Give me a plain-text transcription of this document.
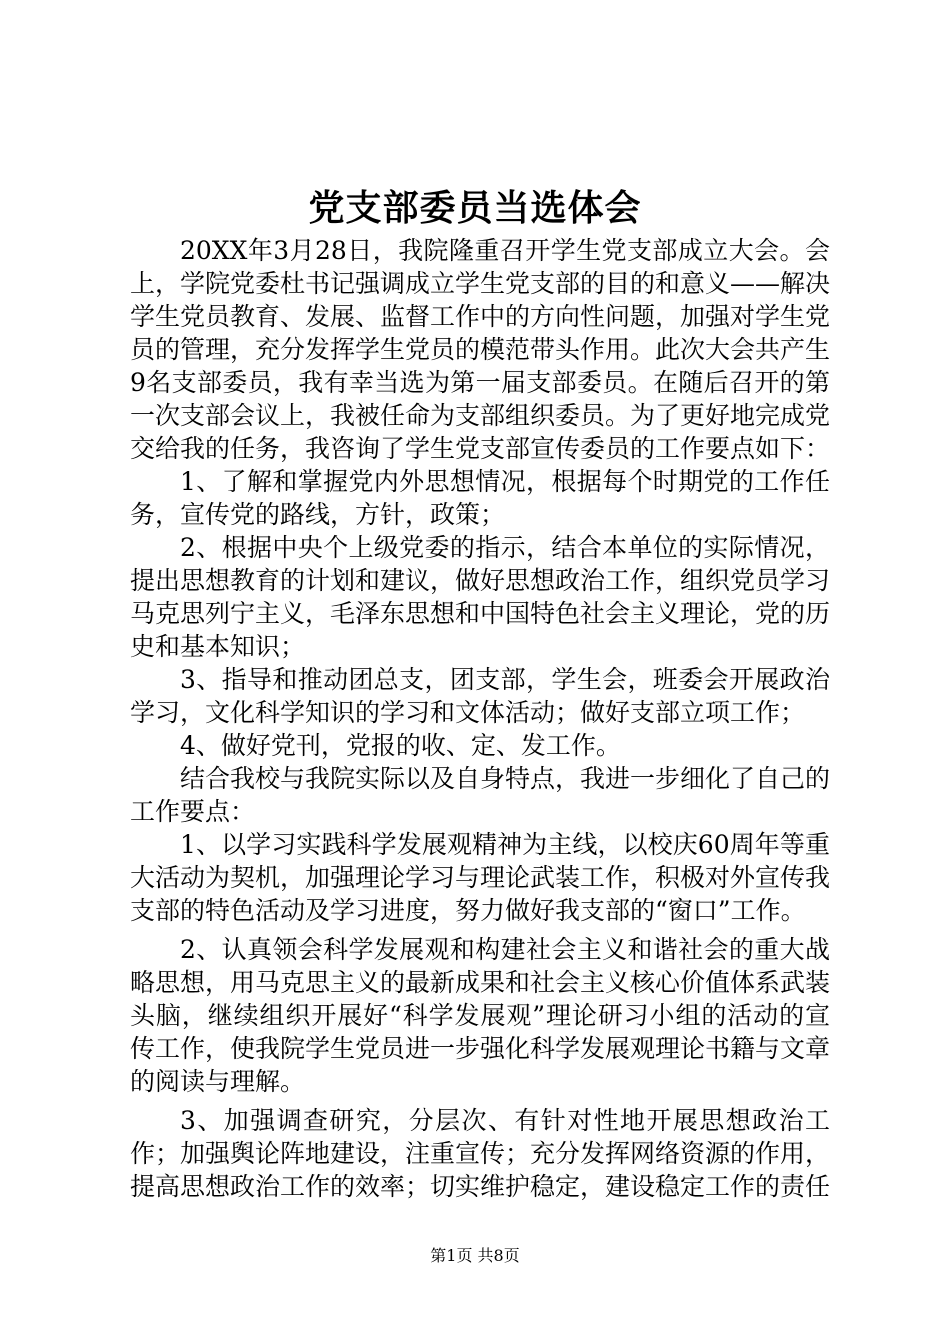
党支部委员当选体会

20XX年3月28日，我院隆重召开学生党支部成立大会。会上，学院党委杜书记强调成立学生党支部的目的和意义——解决学生党员教育、发展、监督工作中的方向性问题，加强对学生党员的管理，充分发挥学生党员的模范带头作用。此次大会共产生9名支部委员，我有幸当选为第一届支部委员。在随后召开的第一次支部会议上，我被任命为支部组织委员。为了更好地完成党交给我的任务，我咨询了学生党支部宣传委员的工作要点如下：

1、了解和掌握党内外思想情况，根据每个时期党的工作任务，宣传党的路线，方针，政策；

2、根据中央个上级党委的指示，结合本单位的实际情况，提出思想教育的计划和建议，做好思想政治工作，组织党员学习马克思列宁主义，毛泽东思想和中国特色社会主义理论，党的历史和基本知识；

3、指导和推动团总支，团支部，学生会，班委会开展政治学习，文化科学知识的学习和文体活动；做好支部立项工作；

4、做好党刊，党报的收、定、发工作。

结合我校与我院实际以及自身特点，我进一步细化了自己的工作要点：

1、以学习实践科学发展观精神为主线，以校庆60周年等重大活动为契机，加强理论学习与理论武装工作，积极对外宣传我支部的特色活动及学习进度，努力做好我支部的“窗口”工作。

2、认真领会科学发展观和构建社会主义和谐社会的重大战略思想，用马克思主义的最新成果和社会主义核心价值体系武装头脑，继续组织开展好“科学发展观”理论研习小组的活动的宣传工作，使我院学生党员进一步强化科学发展观理论书籍与文章的阅读与理解。

3、加强调查研究，分层次、有针对性地开展思想政治工作；加强舆论阵地建设，注重宣传；充分发挥网络资源的作用，提高思想政治工作的效率；切实维护稳定，建设稳定工作的责任

第1页 共8页
